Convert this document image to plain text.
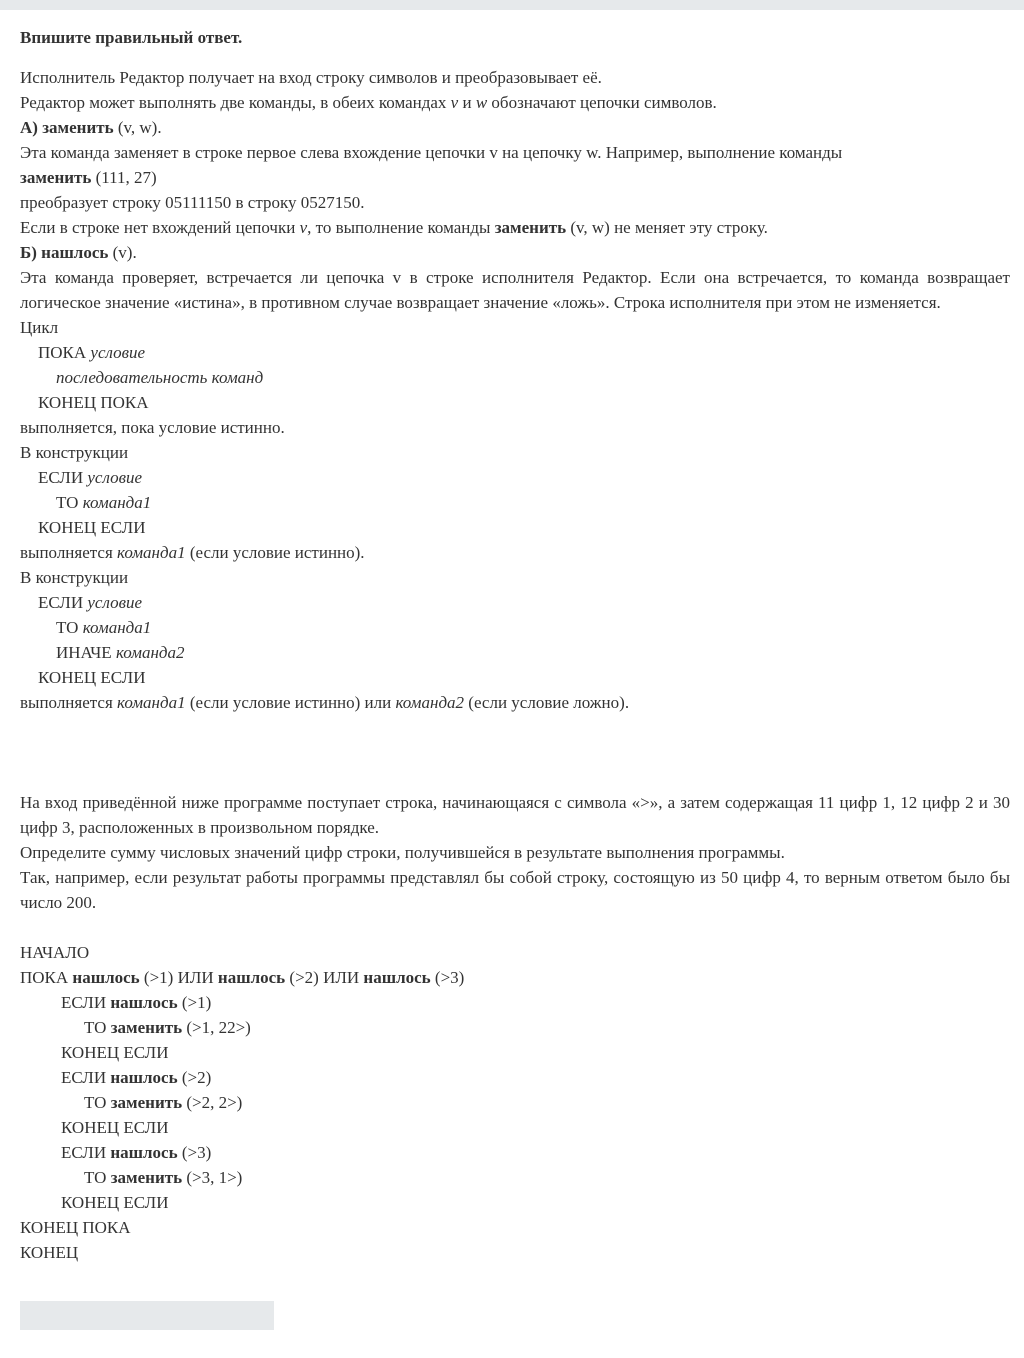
Впишите правильный ответ.
Исполнитель Редактор получает на вход строку символов и преобразовывает её.
Редактор может выполнять две команды, в обеих командах v и w обозначают цепочки символов.
А) заменить (v, w).
Эта команда заменяет в строке первое слева вхождение цепочки v на цепочку w. Например, выполнение команды
заменить (111, 27)
преобразует строку 05111150 в строку 0527150.
Если в строке нет вхождений цепочки v, то выполнение команды заменить (v, w) не меняет эту строку.
Б) нашлось (v).
Эта команда проверяет, встречается ли цепочка v в строке исполнителя Редактор. Если она встречается, то команда возвращает логическое значение «истина», в противном случае возвращает значение «ложь». Строка исполнителя при этом не изменяется.
Цикл
ПОКА условие
последовательность команд
КОНЕЦ ПОКА
выполняется, пока условие истинно.
В конструкции
ЕСЛИ условие
ТО команда1
КОНЕЦ ЕСЛИ
выполняется команда1 (если условие истинно).
В конструкции
ЕСЛИ условие
ТО команда1
ИНАЧЕ команда2
КОНЕЦ ЕСЛИ
выполняется команда1 (если условие истинно) или команда2 (если условие ложно).
На вход приведённой ниже программе поступает строка, начинающаяся с символа «>», а затем содержащая 11 цифр 1, 12 цифр 2 и 30 цифр 3, расположенных в произвольном порядке.
Определите сумму числовых значений цифр строки, получившейся в результате выполнения программы.
Так, например, если результат работы программы представлял бы собой строку, состоящую из 50 цифр 4, то верным ответом было бы число 200.
НАЧАЛО
ПОКА нашлось (>1) ИЛИ нашлось (>2) ИЛИ нашлось (>3)
ЕСЛИ нашлось (>1)
ТО заменить (>1, 22>)
КОНЕЦ ЕСЛИ
ЕСЛИ нашлось (>2)
ТО заменить (>2, 2>)
КОНЕЦ ЕСЛИ
ЕСЛИ нашлось (>3)
ТО заменить (>3, 1>)
КОНЕЦ ЕСЛИ
КОНЕЦ ПОКА
КОНЕЦ
